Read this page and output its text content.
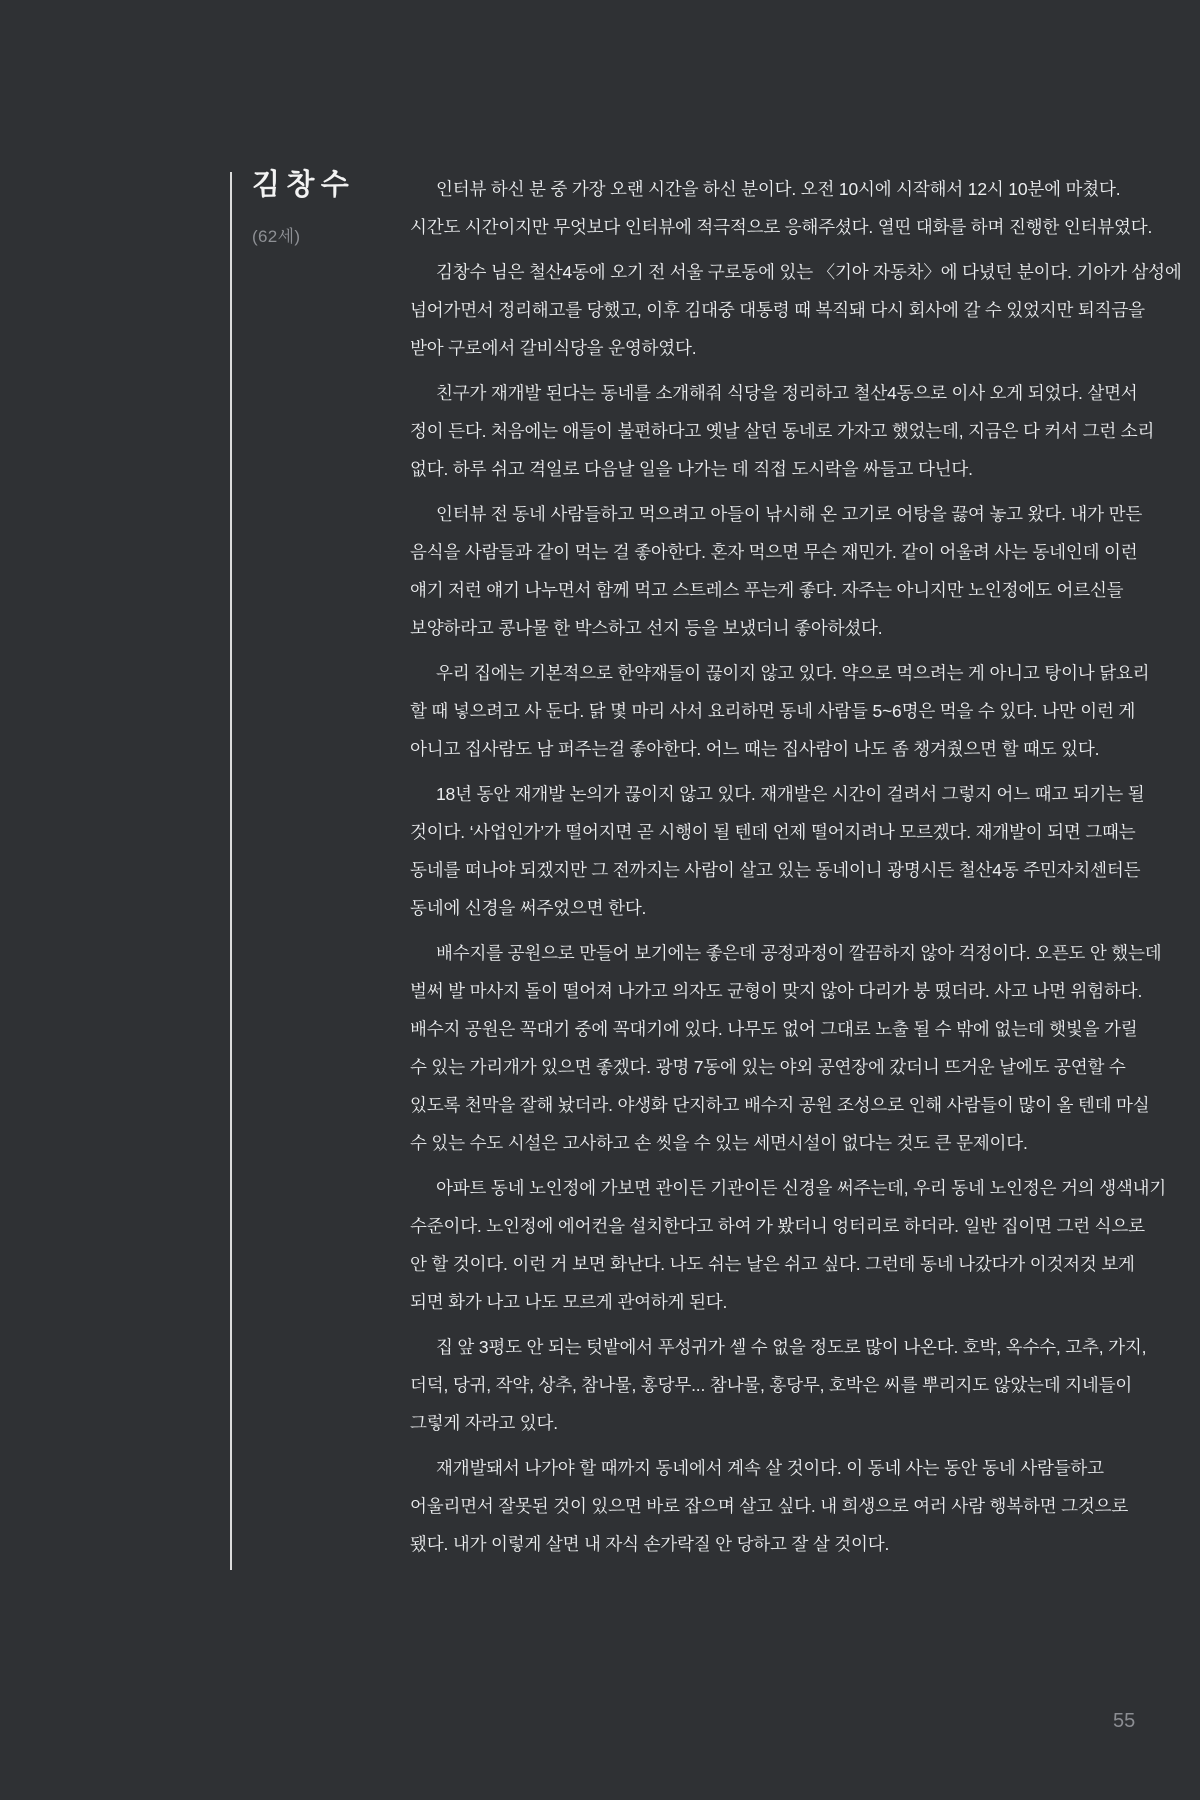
김창수
(62세)
인터뷰 하신 분 중 가장 오랜 시간을 하신 분이다. 오전 10시에 시작해서 12시 10분에 마쳤다.
시간도 시간이지만 무엇보다 인터뷰에 적극적으로 응해주셨다. 열띤 대화를 하며 진행한 인터뷰였다.
김창수 님은 철산4동에 오기 전 서울 구로동에 있는 〈기아 자동차〉에 다녔던 분이다. 기아가 삼성에
넘어가면서 정리해고를 당했고, 이후 김대중 대통령 때 복직돼 다시 회사에 갈 수 있었지만 퇴직금을
받아 구로에서 갈비식당을 운영하였다.
친구가 재개발 된다는 동네를 소개해줘 식당을 정리하고 철산4동으로 이사 오게 되었다. 살면서
정이 든다. 처음에는 애들이 불편하다고 옛날 살던 동네로 가자고 했었는데, 지금은 다 커서 그런 소리
없다. 하루 쉬고 격일로 다음날 일을 나가는 데 직접 도시락을 싸들고 다닌다.
인터뷰 전 동네 사람들하고 먹으려고 아들이 낚시해 온 고기로 어탕을 끓여 놓고 왔다. 내가 만든
음식을 사람들과 같이 먹는 걸 좋아한다. 혼자 먹으면 무슨 재민가. 같이 어울려 사는 동네인데 이런
얘기 저런 얘기 나누면서 함께 먹고 스트레스 푸는게 좋다. 자주는 아니지만 노인정에도 어르신들
보양하라고 콩나물 한 박스하고 선지 등을 보냈더니 좋아하셨다.
우리 집에는 기본적으로 한약재들이 끊이지 않고 있다. 약으로 먹으려는 게 아니고 탕이나 닭요리
할 때 넣으려고 사 둔다. 닭 몇 마리 사서 요리하면 동네 사람들 5~6명은 먹을 수 있다. 나만 이런 게
아니고 집사람도 남 퍼주는걸 좋아한다. 어느 때는 집사람이 나도 좀 챙겨줬으면 할 때도 있다.
18년 동안 재개발 논의가 끊이지 않고 있다. 재개발은 시간이 걸려서 그렇지 어느 때고 되기는 될
것이다. ‘사업인가’가 떨어지면 곧 시행이 될 텐데 언제 떨어지려나 모르겠다. 재개발이 되면 그때는
동네를 떠나야 되겠지만 그 전까지는 사람이 살고 있는 동네이니 광명시든 철산4동 주민자치센터든
동네에 신경을 써주었으면 한다.
배수지를 공원으로 만들어 보기에는 좋은데 공정과정이 깔끔하지 않아 걱정이다. 오픈도 안 했는데
벌써 발 마사지 돌이 떨어져 나가고 의자도 균형이 맞지 않아 다리가 붕 떴더라. 사고 나면 위험하다.
배수지 공원은 꼭대기 중에 꼭대기에 있다. 나무도 없어 그대로 노출 될 수 밖에 없는데 햇빛을 가릴
수 있는 가리개가 있으면 좋겠다. 광명 7동에 있는 야외 공연장에 갔더니 뜨거운 날에도 공연할 수
있도록 천막을 잘해 놨더라. 야생화 단지하고 배수지 공원 조성으로 인해 사람들이 많이 올 텐데 마실
수 있는 수도 시설은 고사하고 손 씻을 수 있는 세면시설이 없다는 것도 큰 문제이다.
아파트 동네 노인정에 가보면 관이든 기관이든 신경을 써주는데, 우리 동네 노인정은 거의 생색내기
수준이다. 노인정에 에어컨을 설치한다고 하여 가 봤더니 엉터리로 하더라. 일반 집이면 그런 식으로
안 할 것이다. 이런 거 보면 화난다. 나도 쉬는 날은 쉬고 싶다. 그런데 동네 나갔다가 이것저것 보게
되면 화가 나고 나도 모르게 관여하게 된다.
집 앞 3평도 안 되는 텃밭에서 푸성귀가 셀 수 없을 정도로 많이 나온다. 호박, 옥수수, 고추, 가지,
더덕, 당귀, 작약, 상추, 참나물, 홍당무... 참나물, 홍당무, 호박은 씨를 뿌리지도 않았는데 지네들이
그렇게 자라고 있다.
재개발돼서 나가야 할 때까지 동네에서 계속 살 것이다. 이 동네 사는 동안 동네 사람들하고
어울리면서 잘못된 것이 있으면 바로 잡으며 살고 싶다. 내 희생으로 여러 사람 행복하면 그것으로
됐다. 내가 이렇게 살면 내 자식 손가락질 안 당하고 잘 살 것이다.
55
